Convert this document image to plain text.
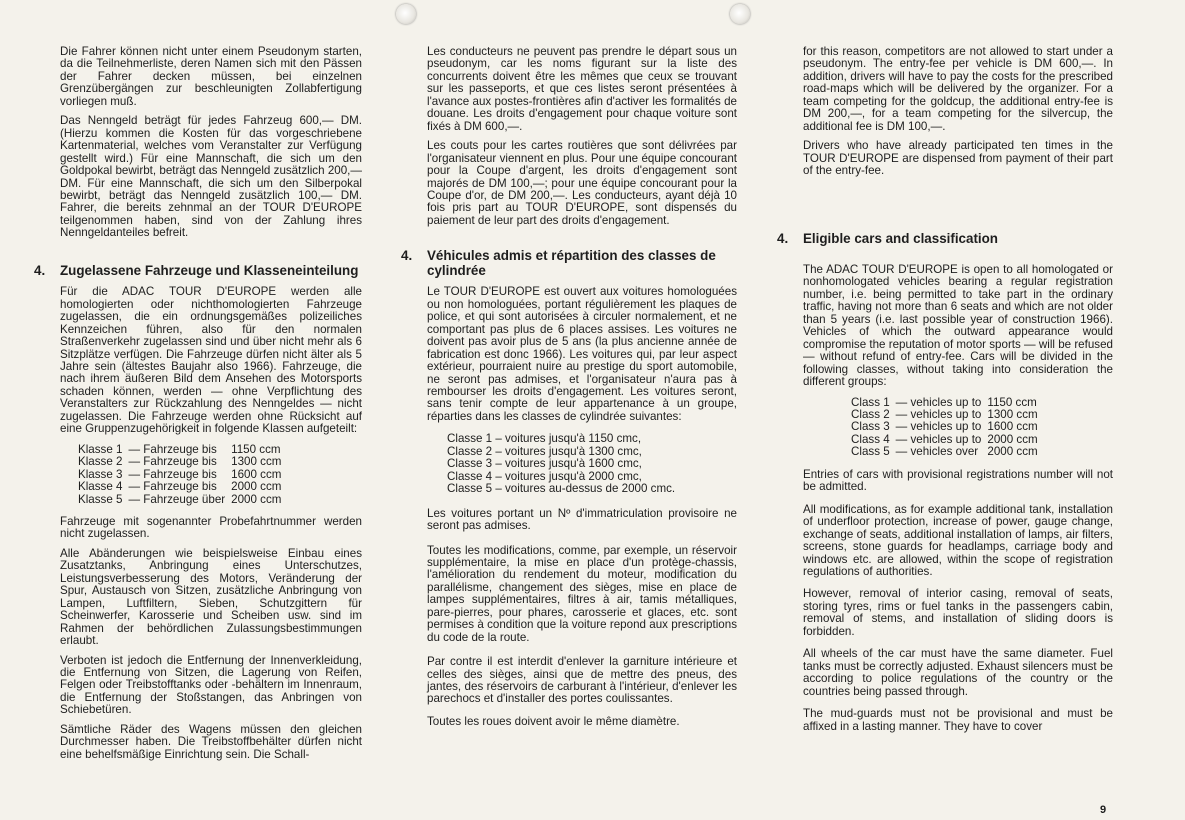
Die Fahrer können nicht unter einem Pseudonym starten, da die Teilnehmerliste, deren Namen sich mit den Pässen der Fahrer decken müssen, bei einzelnen Grenzübergängen zur beschleunigten Zollabfertigung vorliegen muß.

Das Nenngeld beträgt für jedes Fahrzeug 600,— DM. (Hierzu kommen die Kosten für das vorgeschriebene Kartenmaterial, welches vom Veranstalter zur Verfügung gestellt wird.) Für eine Mannschaft, die sich um den Goldpokal bewirbt, beträgt das Nenngeld zusätzlich 200,— DM. Für eine Mannschaft, die sich um den Silberpokal bewirbt, beträgt das Nenngeld zusätzlich 100,— DM. Fahrer, die bereits zehnmal an der TOUR D'EUROPE teilgenommen haben, sind von der Zahlung ihres Nenngeldanteiles befreit.

4.	Zugelassene Fahrzeuge und Klasseneinteilung

Für die ADAC TOUR D'EUROPE werden alle homologierten oder nichthomologierten Fahrzeuge zugelassen, die ein ordnungsgemäßes polizeiliches Kennzeichen führen, also für den normalen Straßenverkehr zugelassen sind und über nicht mehr als 6 Sitzplätze verfügen. Die Fahrzeuge dürfen nicht älter als 5 Jahre sein (ältestes Baujahr also 1966). Fahrzeuge, die nach ihrem äußeren Bild dem Ansehen des Motorsports schaden können, werden — ohne Verpflichtung des Veranstalters zur Rückzahlung des Nenngeldes — nicht zugelassen. Die Fahrzeuge werden ohne Rücksicht auf eine Gruppenzugehörigkeit in folgende Klassen aufgeteilt:

Klasse 1	— Fahrzeuge bis	1150 ccm
Klasse 2	— Fahrzeuge bis	1300 ccm
Klasse 3	— Fahrzeuge bis	1600 ccm
Klasse 4	— Fahrzeuge bis	2000 ccm
Klasse 5	— Fahrzeuge über	2000 ccm

Fahrzeuge mit sogenannter Probefahrtnummer werden nicht zugelassen.

Alle Abänderungen wie beispielsweise Einbau eines Zusatztanks, Anbringung eines Unterschutzes, Leistungsverbesserung des Motors, Veränderung der Spur, Austausch von Sitzen, zusätzliche Anbringung von Lampen, Luftfiltern, Sieben, Schutzgittern für Scheinwerfer, Karosserie und Scheiben usw. sind im Rahmen der behördlichen Zulassungsbestimmungen erlaubt.

Verboten ist jedoch die Entfernung der Innenverkleidung, die Entfernung von Sitzen, die Lagerung von Reifen, Felgen oder Treibstofftanks oder -behältern im Innenraum, die Entfernung der Stoßstangen, das Anbringen von Schiebetüren.

Sämtliche Räder des Wagens müssen den gleichen Durchmesser haben. Die Treibstoffbehälter dürfen nicht eine behelfsmäßige Einrichtung sein. Die Schall-

Les conducteurs ne peuvent pas prendre le départ sous un pseudonym, car les noms figurant sur la liste des concurrents doivent être les mêmes que ceux se trouvant sur les passeports, et que ces listes seront présentées à l'avance aux postes-frontières afin d'activer les formalités de douane. Les droits d'engagement pour chaque voiture sont fixés à DM 600,—.

Les couts pour les cartes routières que sont délivrées par l'organisateur viennent en plus. Pour une équipe concourant pour la Coupe d'argent, les droits d'engagement sont majorés de DM 100,—; pour une équipe concourant pour la Coupe d'or, de DM 200,—. Les conducteurs, ayant déjà 10 fois pris part au TOUR D'EUROPE, sont dispensés du paiement de leur part des droits d'engagement.

4.	Véhicules admis et répartition des classes de cylindrée

Le TOUR D'EUROPE est ouvert aux voitures homologuées ou non homologuées, portant régulièrement les plaques de police, et qui sont autorisées à circuler normalement, et ne comportant pas plus de 6 places assises. Les voitures ne doivent pas avoir plus de 5 ans (la plus ancienne année de fabrication est donc 1966). Les voitures qui, par leur aspect extérieur, pourraient nuire au prestige du sport automobile, ne seront pas admises, et l'organisateur n'aura pas à rembourser les droits d'engagement. Les voitures seront, sans tenir compte de leur appartenance à un groupe, réparties dans les classes de cylindrée suivantes:

Classe 1 – voitures jusqu'à 1150 cmc,
Classe 2 – voitures jusqu'à 1300 cmc,
Classe 3 – voitures jusqu'à 1600 cmc,
Classe 4 – voitures jusqu'à 2000 cmc,
Classe 5 – voitures au-dessus de 2000 cmc.

Les voitures portant un Nº d'immatriculation provisoire ne seront pas admises.

Toutes les modifications, comme, par exemple, un réservoir supplémentaire, la mise en place d'un protège-chassis, l'amélioration du rendement du moteur, modification du parallélisme, changement des sièges, mise en place de lampes supplémentaires, filtres à air, tamis métalliques, pare-pierres, pour phares, carosserie et glaces, etc. sont permises à condition que la voiture repond aux prescriptions du code de la route.

Par contre il est interdit d'enlever la garniture intérieure et celles des sièges, ainsi que de mettre des pneus, des jantes, des réservoirs de carburant à l'intérieur, d'enlever les parechocs et d'installer des portes coulissantes.

Toutes les roues doivent avoir le même diamètre.

for this reason, competitors are not allowed to start under a pseudonym. The entry-fee per vehicle is DM 600,—. In addition, drivers will have to pay the costs for the prescribed road-maps which will be delivered by the organizer. For a team competing for the goldcup, the additional entry-fee is DM 200,—, for a team competing for the silvercup, the additional fee is DM 100,—.

Drivers who have already participated ten times in the TOUR D'EUROPE are dispensed from payment of their part of the entry-fee.

4.	Eligible cars and classification

The ADAC TOUR D'EUROPE is open to all homologated or nonhomologated vehicles bearing a regular registration number, i.e. being permitted to take part in the ordinary traffic, having not more than 6 seats and which are not older than 5 years (i.e. last possible year of construction 1966). Vehicles of which the outward appearance would compromise the reputation of motor sports — will be refused — without refund of entry-fee. Cars will be divided in the following classes, without taking into consideration the different groups:

Class 1	— vehicles up to	1150 ccm
Class 2	— vehicles up to	1300 ccm
Class 3	— vehicles up to	1600 ccm
Class 4	— vehicles up to	2000 ccm
Class 5	— vehicles over	2000 ccm

Entries of cars with provisional registrations number will not be admitted.

All modifications, as for example additional tank, installation of underfloor protection, increase of power, gauge change, exchange of seats, additional installation of lamps, air filters, screens, stone guards for headlamps, carriage body and windows etc. are allowed, within the scope of registration regulations of authorities.

However, removal of interior casing, removal of seats, storing tyres, rims or fuel tanks in the passengers cabin, removal of stems, and installation of sliding doors is forbidden.

All wheels of the car must have the same diameter. Fuel tanks must be correctly adjusted. Exhaust silencers must be according to police regulations of the country or the countries being passed through.

The mud-guards must not be provisional and must be affixed in a lasting manner. They have to cover

9
